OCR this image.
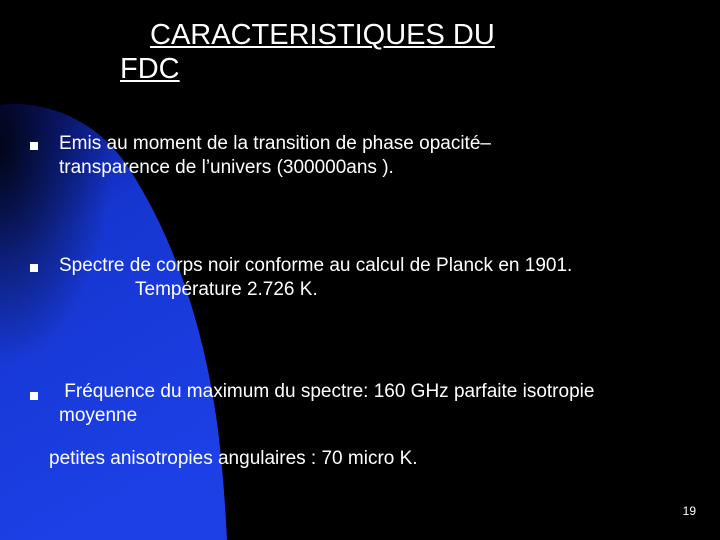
CARACTERISTIQUES DU
FDC

Emis au moment de la transition de phase opacité–
transparence de l’univers (300000ans ).

Spectre de corps noir conforme au calcul de Planck en 1901.
Température 2.726 K.

Fréquence du maximum du spectre: 160 GHz parfaite isotropie
moyenne

petites anisotropies angulaires : 70 micro K.

19
